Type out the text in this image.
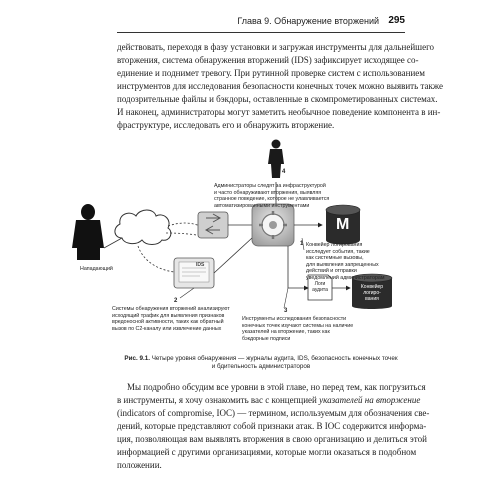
Глава 9. Обнаружение вторжений 295

действовать, переходя в фазу установки и загружая инструменты для дальнейшего
вторжения, система обнаружения вторжений (IDS) зафиксирует исходящее со-
единение и поднимет тревогу. При рутинной проверке систем с использованием
инструментов для исследования безопасности конечных точек можно выявить также
подозрительные файлы и бэкдоры, оставленные в скомпрометированных системах.
И наконец, администраторы могут заметить необычное поведение компонента в ин-
фраструктуре, исследовать его и обнаружить вторжение.

4
Администраторы следят за инфраструктурой
и часто обнаруживают вторжения, выявляя
странное поведение, которое не улавливается
автоматизированными инструментами
Нападающий
IDS
2
Системы обнаружения вторжений анализируют
исходящий трафик для выявления признаков
вредоносной активности, таких как обратный
вызов по C2-каналу или извлечение данных
1 Конвейер логирования
исследует события, такие
как системные вызовы,
для выявления запрещенных
действий и отправки
уведомлений администраторам
M
Логи
аудита	Конвейер
логиро-
вания
3
Инструменты исследования безопасности
конечных точек изучают системы на наличие
указателей на вторжение, таких как
бэкдорные подписи
Рис. 9.1. Четыре уровня обнаружения — журналы аудита, IDS, безопасность конечных точек
и бдительность администраторов

Мы подробно обсудим все уровни в этой главе, но перед тем, как погрузиться
в инструменты, я хочу ознакомить вас с концепцией указателей на вторжение
(indicators of compromise, IOC) — термином, используемым для обозначения све-
дений, которые представляют собой признаки атак. В IOC содержится информа-
ция, позволяющая вам выявлять вторжения в свою организацию и делиться этой
информацией с другими организациями, которые могли оказаться в подобном
положении.
